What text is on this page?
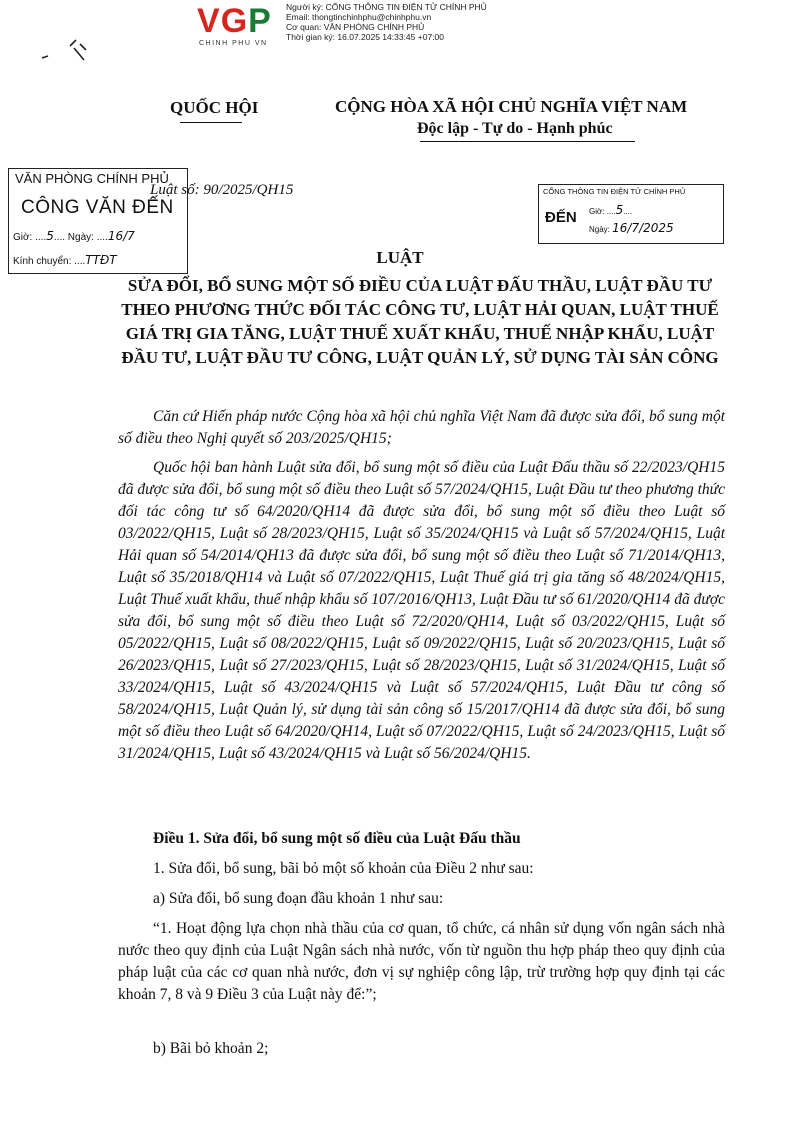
VGP
CHINH PHU VN
Người ký: CỔNG THÔNG TIN ĐIỆN TỬ CHÍNH PHỦ
Email: thongtinchinhphu@chinhphu.vn
Cơ quan: VĂN PHÒNG CHÍNH PHỦ
Thời gian ký: 16.07.2025 14:33:45 +07:00
QUỐC HỘI	CỘNG HÒA XÃ HỘI CHỦ NGHĨA VIỆT NAM
Độc lập - Tự do - Hạnh phúc
VĂN PHÒNG CHÍNH PHỦ
CÔNG VĂN ĐẾN
Giờ: ....5.... Ngày: ....16/7
Kính chuyển: ....TTĐT
Luật số: 90/2025/QH15	CỔNG THÔNG TIN ĐIỆN TỬ CHÍNH PHỦ
ĐẾN Giờ: ....5....
Ngày: 16/7/2025
LUẬT
SỬA ĐỔI, BỔ SUNG MỘT SỐ ĐIỀU CỦA LUẬT ĐẤU THẦU, LUẬT ĐẦU TƯ THEO PHƯƠNG THỨC ĐỐI TÁC CÔNG TƯ, LUẬT HẢI QUAN, LUẬT THUẾ GIÁ TRỊ GIA TĂNG, LUẬT THUẾ XUẤT KHẨU, THUẾ NHẬP KHẨU, LUẬT ĐẦU TƯ, LUẬT ĐẦU TƯ CÔNG, LUẬT QUẢN LÝ, SỬ DỤNG TÀI SẢN CÔNG

Căn cứ Hiến pháp nước Cộng hòa xã hội chủ nghĩa Việt Nam đã được sửa đổi, bổ sung một số điều theo Nghị quyết số 203/2025/QH15;

Quốc hội ban hành Luật sửa đổi, bổ sung một số điều của Luật Đấu thầu số 22/2023/QH15 đã được sửa đổi, bổ sung một số điều theo Luật số 57/2024/QH15, Luật Đầu tư theo phương thức đối tác công tư số 64/2020/QH14 đã được sửa đổi, bổ sung một số điều theo Luật số 03/2022/QH15, Luật số 28/2023/QH15, Luật số 35/2024/QH15 và Luật số 57/2024/QH15, Luật Hải quan số 54/2014/QH13 đã được sửa đổi, bổ sung một số điều theo Luật số 71/2014/QH13, Luật số 35/2018/QH14 và Luật số 07/2022/QH15, Luật Thuế giá trị gia tăng số 48/2024/QH15, Luật Thuế xuất khẩu, thuế nhập khẩu số 107/2016/QH13, Luật Đầu tư số 61/2020/QH14 đã được sửa đổi, bổ sung một số điều theo Luật số 72/2020/QH14, Luật số 03/2022/QH15, Luật số 05/2022/QH15, Luật số 08/2022/QH15, Luật số 09/2022/QH15, Luật số 20/2023/QH15, Luật số 26/2023/QH15, Luật số 27/2023/QH15, Luật số 28/2023/QH15, Luật số 31/2024/QH15, Luật số 33/2024/QH15, Luật số 43/2024/QH15 và Luật số 57/2024/QH15, Luật Đầu tư công số 58/2024/QH15, Luật Quản lý, sử dụng tài sản công số 15/2017/QH14 đã được sửa đổi, bổ sung một số điều theo Luật số 64/2020/QH14, Luật số 07/2022/QH15, Luật số 24/2023/QH15, Luật số 31/2024/QH15, Luật số 43/2024/QH15 và Luật số 56/2024/QH15.

Điều 1. Sửa đổi, bổ sung một số điều của Luật Đấu thầu

1. Sửa đổi, bổ sung, bãi bỏ một số khoản của Điều 2 như sau:

a) Sửa đổi, bổ sung đoạn đầu khoản 1 như sau:

“1. Hoạt động lựa chọn nhà thầu của cơ quan, tổ chức, cá nhân sử dụng vốn ngân sách nhà nước theo quy định của Luật Ngân sách nhà nước, vốn từ nguồn thu hợp pháp theo quy định của pháp luật của các cơ quan nhà nước, đơn vị sự nghiệp công lập, trừ trường hợp quy định tại các khoản 7, 8 và 9 Điều 3 của Luật này để:”;

b) Bãi bỏ khoản 2;
